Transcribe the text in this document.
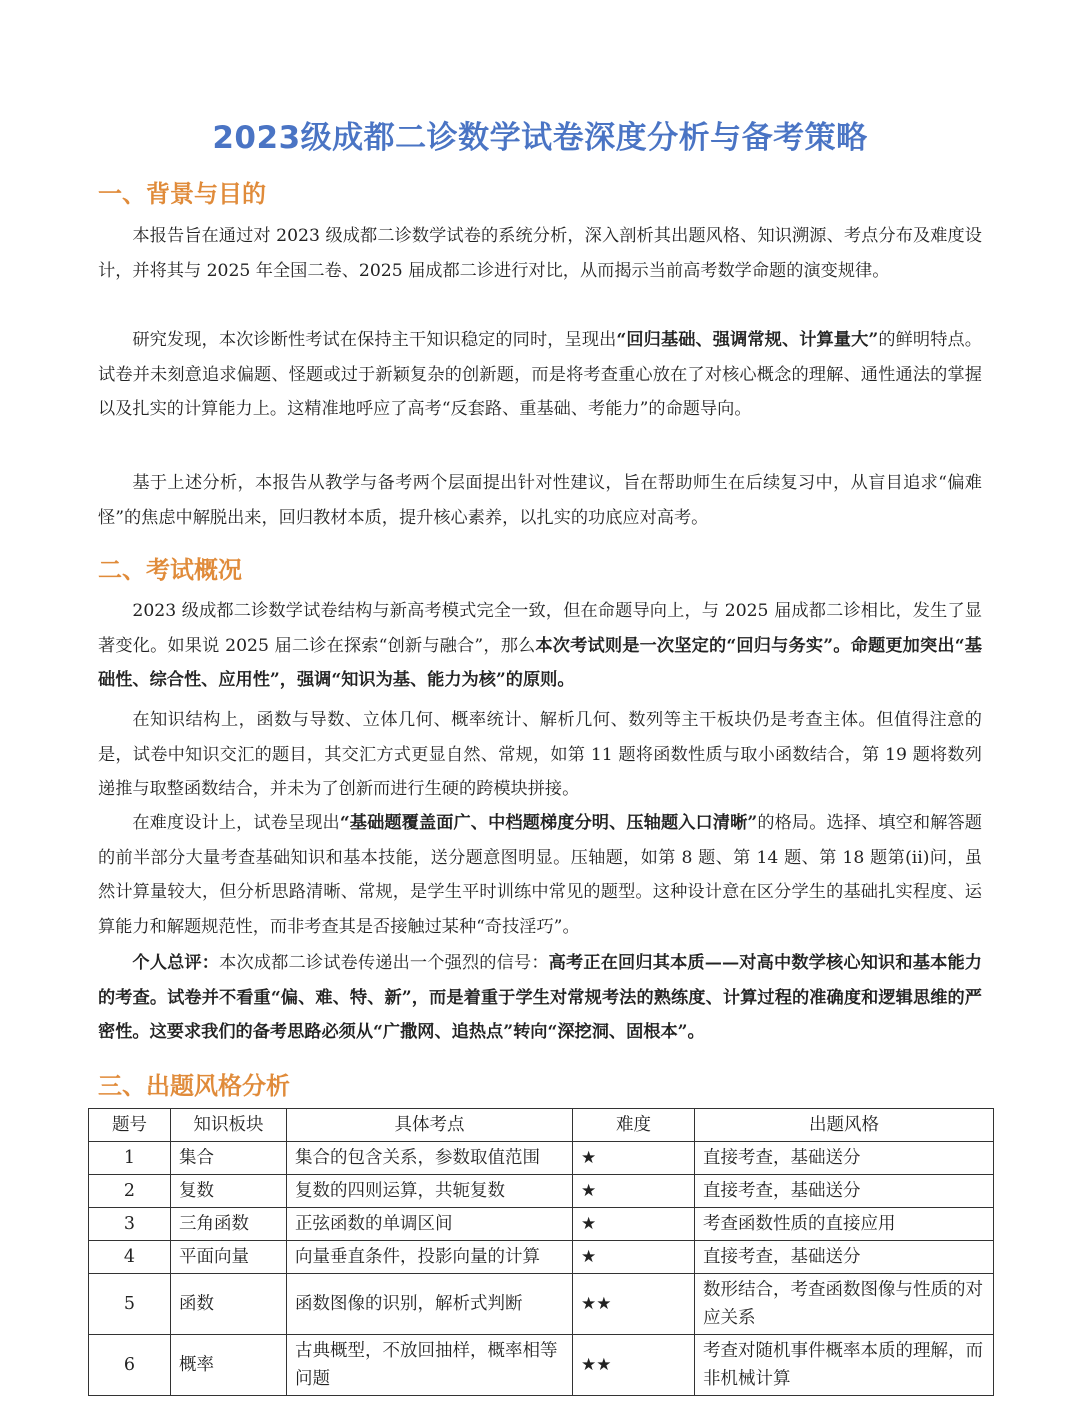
2023级成都二诊数学试卷深度分析与备考策略
一、背景与目的

本报告旨在通过对 2023 级成都二诊数学试卷的系统分析，深入剖析其出题风格、知识溯源、考点分布及难度设计，并将其与 2025 年全国二卷、2025 届成都二诊进行对比，从而揭示当前高考数学命题的演变规律。

研究发现，本次诊断性考试在保持主干知识稳定的同时，呈现出“回归基础、强调常规、计算量大”的鲜明特点。试卷并未刻意追求偏题、怪题或过于新颖复杂的创新题，而是将考查重心放在了对核心概念的理解、通性通法的掌握以及扎实的计算能力上。这精准地呼应了高考“反套路、重基础、考能力”的命题导向。

基于上述分析，本报告从教学与备考两个层面提出针对性建议，旨在帮助师生在后续复习中，从盲目追求“偏难怪”的焦虑中解脱出来，回归教材本质，提升核心素养，以扎实的功底应对高考。

二、考试概况

2023 级成都二诊数学试卷结构与新高考模式完全一致，但在命题导向上，与 2025 届成都二诊相比，发生了显著变化。如果说 2025 届二诊在探索“创新与融合”，那么本次考试则是一次坚定的“回归与务实”。命题更加突出“基础性、综合性、应用性”，强调“知识为基、能力为核”的原则。

在知识结构上，函数与导数、立体几何、概率统计、解析几何、数列等主干板块仍是考查主体。但值得注意的是，试卷中知识交汇的题目，其交汇方式更显自然、常规，如第 11 题将函数性质与取小函数结合，第 19 题将数列递推与取整函数结合，并未为了创新而进行生硬的跨模块拼接。

在难度设计上，试卷呈现出“基础题覆盖面广、中档题梯度分明、压轴题入口清晰”的格局。选择、填空和解答题的前半部分大量考查基础知识和基本技能，送分题意图明显。压轴题，如第 8 题、第 14 题、第 18 题第(ii)问，虽然计算量较大，但分析思路清晰、常规，是学生平时训练中常见的题型。这种设计意在区分学生的基础扎实程度、运算能力和解题规范性，而非考查其是否接触过某种“奇技淫巧”。

个人总评：本次成都二诊试卷传递出一个强烈的信号：高考正在回归其本质——对高中数学核心知识和基本能力的考查。试卷并不看重“偏、难、特、新”，而是着重于学生对常规考法的熟练度、计算过程的准确度和逻辑思维的严密性。这要求我们的备考思路必须从“广撒网、追热点”转向“深挖洞、固根本”。

三、出题风格分析
题号	知识板块	具体考点	难度	出题风格
1	集合	集合的包含关系，参数取值范围	★	直接考查，基础送分
2	复数	复数的四则运算，共轭复数	★	直接考查，基础送分
3	三角函数	正弦函数的单调区间	★	考查函数性质的直接应用
4	平面向量	向量垂直条件，投影向量的计算	★	直接考查，基础送分
5	函数	函数图像的识别，解析式判断	★★	数形结合，考查函数图像与性质的对应关系
6	概率	古典概型，不放回抽样，概率相等问题	★★	考查对随机事件概率本质的理解，而非机械计算
